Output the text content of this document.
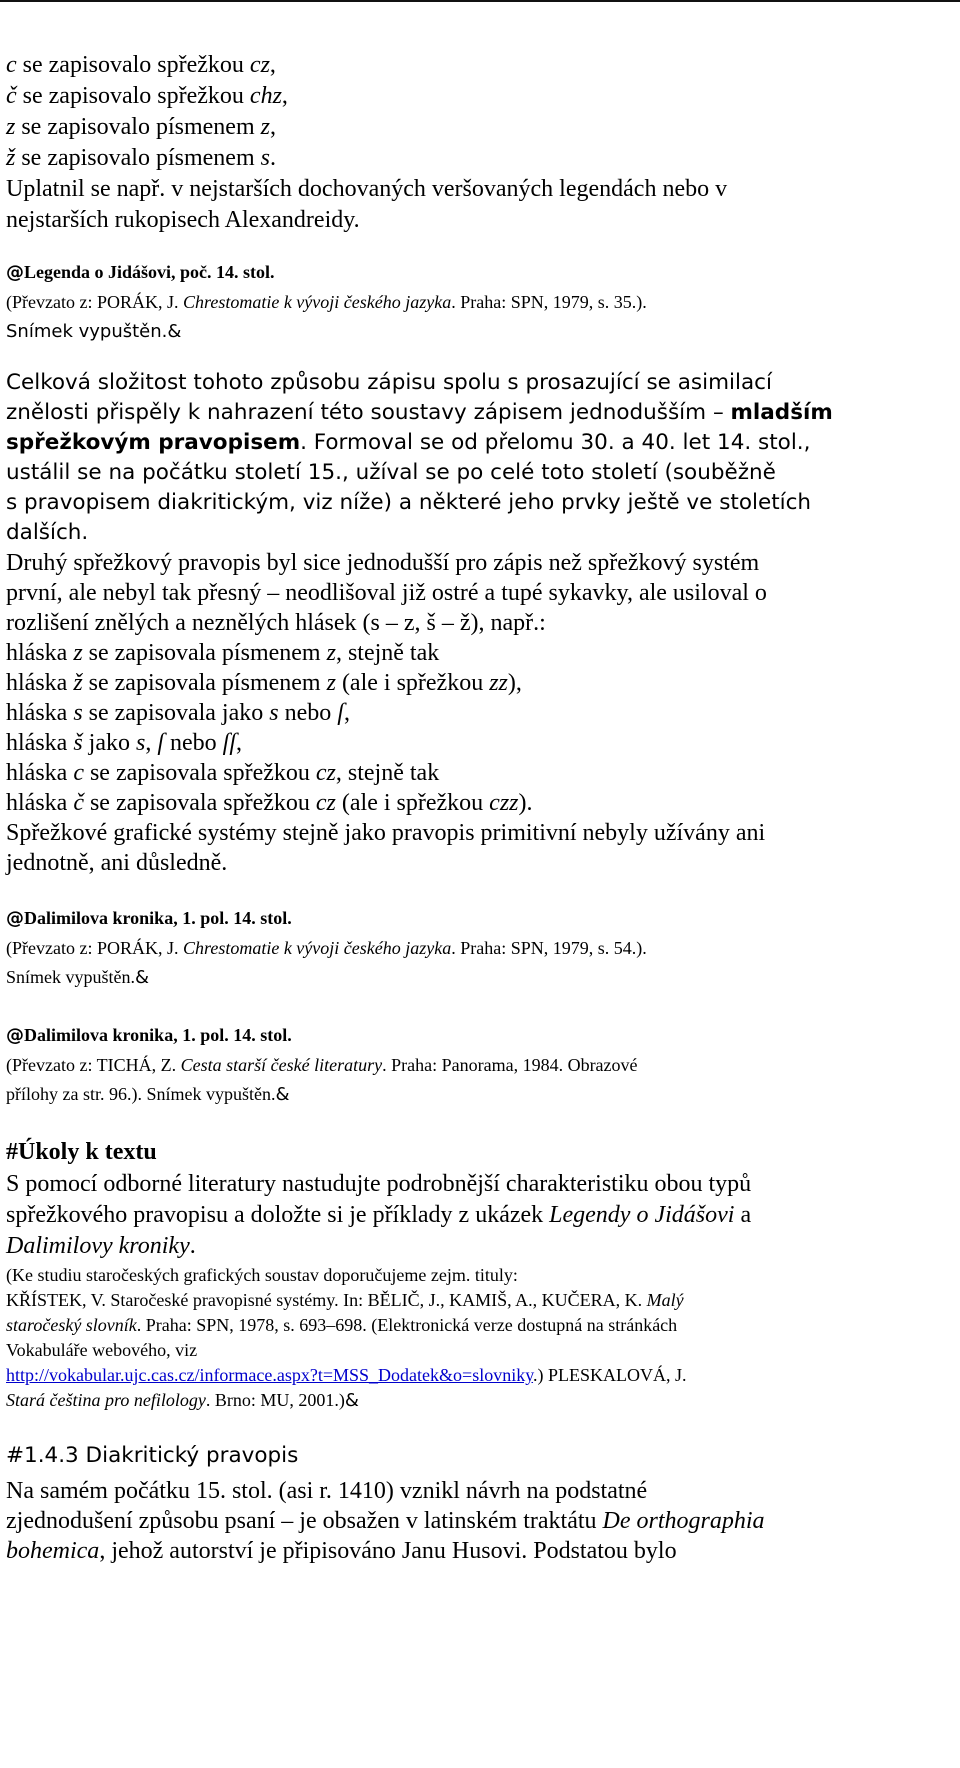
c se zapisovalo spřežkou cz,

č se zapisovalo spřežkou chz,

z se zapisovalo písmenem z,

ž se zapisovalo písmenem s.

Uplatnil se např. v nejstarších dochovaných veršovaných legendách nebo v

nejstarších rukopisech Alexandreidy.

@Legenda o Jidášovi, poč. 14. stol.

(Převzato z: PORÁK, J. Chrestomatie k vývoji českého jazyka. Praha: SPN, 1979, s. 35.).

Snímek vypuštěn.&

Celková složitost tohoto způsobu zápisu spolu s prosazující se asimilací

znělosti přispěly k nahrazení této soustavy zápisem jednodušším – mladším

spřežkovým pravopisem. Formoval se od přelomu 30. a 40. let 14. stol.,

ustálil se na počátku století 15., užíval se po celé toto století (souběžně

s pravopisem diakritickým, viz níže) a některé jeho prvky ještě ve stoletích

dalších.

Druhý spřežkový pravopis byl sice jednodušší pro zápis než spřežkový systém

první, ale nebyl tak přesný – neodlišoval již ostré a tupé sykavky, ale usiloval o

rozlišení znělých a neznělých hlásek (s – z, š – ž), např.:

hláska z se zapisovala písmenem z, stejně tak

hláska ž se zapisovala písmenem z (ale i spřežkou zz),

hláska s se zapisovala jako s nebo ſ,

hláska š jako s, ſ nebo ſſ,

hláska c se zapisovala spřežkou cz, stejně tak

hláska č se zapisovala spřežkou cz (ale i spřežkou czz).

Spřežkové grafické systémy stejně jako pravopis primitivní nebyly užívány ani

jednotně, ani důsledně.

@Dalimilova kronika, 1. pol. 14. stol.

(Převzato z: PORÁK, J. Chrestomatie k vývoji českého jazyka. Praha: SPN, 1979, s. 54.).

Snímek vypuštěn.&

@Dalimilova kronika, 1. pol. 14. stol.

(Převzato z: TICHÁ, Z. Cesta starší české literatury. Praha: Panorama, 1984. Obrazové

přílohy za str. 96.). Snímek vypuštěn.&

#Úkoly k textu

S pomocí odborné literatury nastudujte podrobnější charakteristiku obou typů

spřežkového pravopisu a doložte si je příklady z ukázek Legendy o Jidášovi a

Dalimilovy kroniky.

(Ke studiu staročeských grafických soustav doporučujeme zejm. tituly:

KŘÍSTEK, V. Staročeské pravopisné systémy. In: BĚLIČ, J., KAMIŠ, A., KUČERA, K. Malý

staročeský slovník. Praha: SPN, 1978, s. 693–698. (Elektronická verze dostupná na stránkách

Vokabuláře webového, viz

http://vokabular.ujc.cas.cz/informace.aspx?t=MSS_Dodatek&o=slovniky.) PLESKALOVÁ, J.

Stará čeština pro nefilology. Brno: MU, 2001.)&

#1.4.3 Diakritický pravopis

Na samém počátku 15. stol. (asi r. 1410) vznikl návrh na podstatné

zjednodušení způsobu psaní – je obsažen v latinském traktátu De orthographia

bohemica, jehož autorství je připisováno Janu Husovi. Podstatou bylo
